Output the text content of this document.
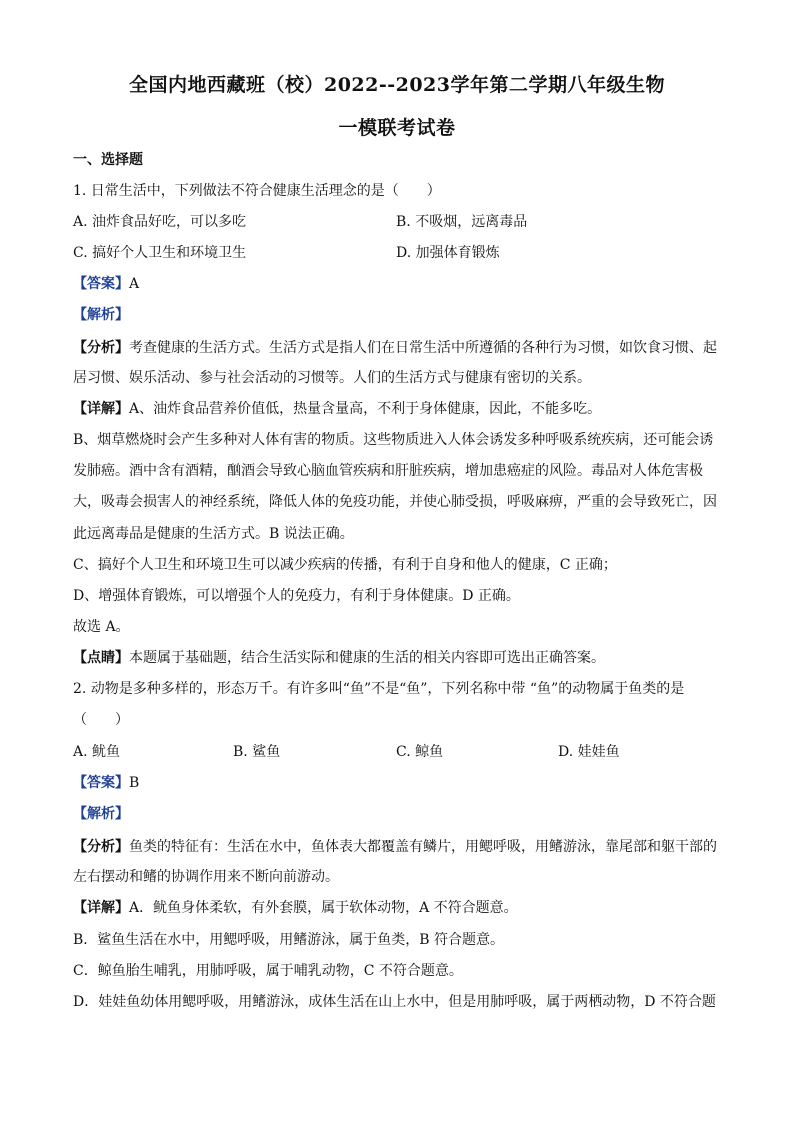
全国内地西藏班（校）2022--2023学年第二学期八年级生物
一模联考试卷
一、选择题
1. 日常生活中，下列做法不符合健康生活理念的是（　　）
A. 油炸食品好吃，可以多吃	B. 不吸烟，远离毒品
C. 搞好个人卫生和环境卫生	D. 加强体育锻炼
【答案】A
【解析】
【分析】考查健康的生活方式。生活方式是指人们在日常生活中所遵循的各种行为习惯，如饮食习惯、起
居习惯、娱乐活动、参与社会活动的习惯等。人们的生活方式与健康有密切的关系。
【详解】A、油炸食品营养价值低，热量含量高，不利于身体健康，因此，不能多吃。
B、烟草燃烧时会产生多种对人体有害的物质。这些物质进入人体会诱发多种呼吸系统疾病，还可能会诱
发肺癌。酒中含有酒精，酗酒会导致心脑血管疾病和肝脏疾病，增加患癌症的风险。毒品对人体危害极
大，吸毒会损害人的神经系统，降低人体的免疫功能，并使心肺受损，呼吸麻痹，严重的会导致死亡，因
此远离毒品是健康的生活方式。B 说法正确。
C、搞好个人卫生和环境卫生可以减少疾病的传播，有利于自身和他人的健康，C 正确；
D、增强体育锻炼，可以增强个人的免疫力，有利于身体健康。D 正确。
故选 A。
【点睛】本题属于基础题，结合生活实际和健康的生活的相关内容即可选出正确答案。
2. 动物是多种多样的，形态万千。有许多叫“鱼”不是“鱼”，下列名称中带 “鱼”的动物属于鱼类的是
（　　）
A. 鱿鱼	B. 鲨鱼	C. 鲸鱼	D. 娃娃鱼
【答案】B
【解析】
【分析】鱼类的特征有：生活在水中，鱼体表大都覆盖有鳞片，用鳃呼吸，用鳍游泳，靠尾部和躯干部的
左右摆动和鳍的协调作用来不断向前游动。
【详解】A．鱿鱼身体柔软，有外套膜，属于软体动物，A 不符合题意。
B．鲨鱼生活在水中，用鳃呼吸，用鳍游泳，属于鱼类，B 符合题意。
C．鲸鱼胎生哺乳，用肺呼吸，属于哺乳动物，C 不符合题意。
D．娃娃鱼幼体用鳃呼吸，用鳍游泳，成体生活在山上水中，但是用肺呼吸，属于两栖动物，D 不符合题
